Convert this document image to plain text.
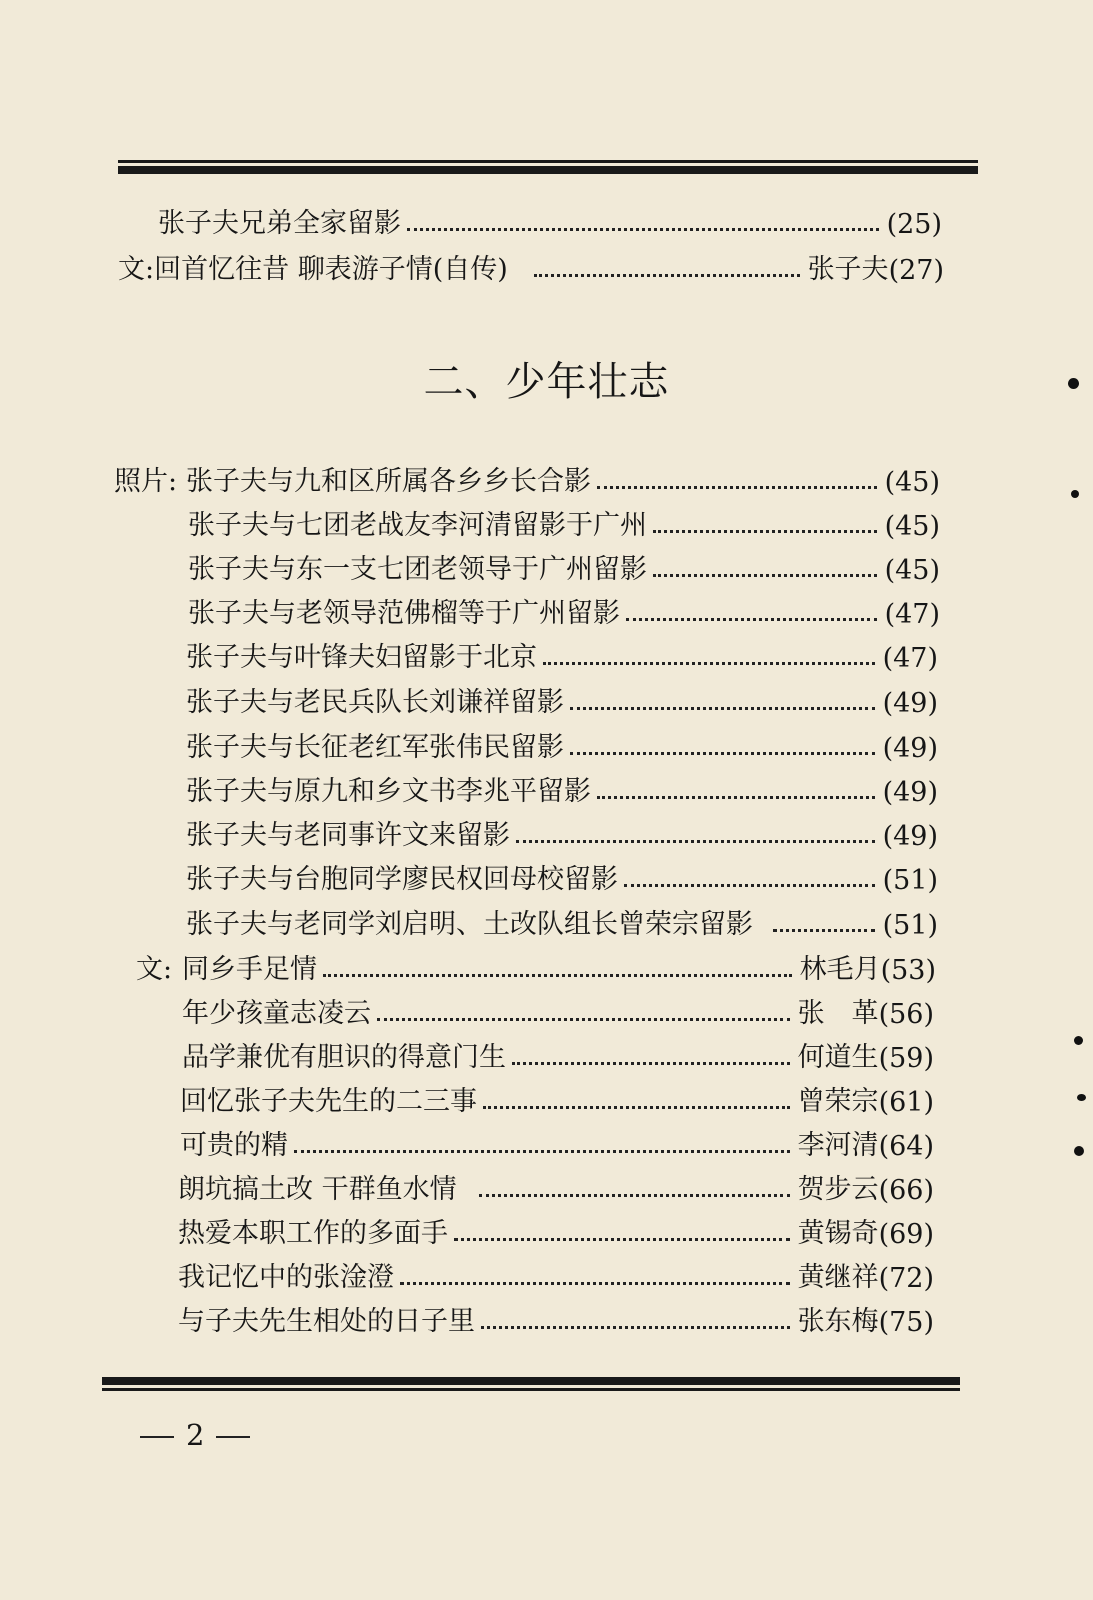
张子夫兄弟全家留影	(25)
文: 回首忆往昔 聊表游子情(自传)	张子夫 (27)
二、少年壮志
照片: 张子夫与九和区所属各乡乡长合影	(45)
张子夫与七团老战友李河清留影于广州	(45)
张子夫与东一支七团老领导于广州留影	(45)
张子夫与老领导范佛榴等于广州留影	(47)
张子夫与叶锋夫妇留影于北京	(47)
张子夫与老民兵队长刘谦祥留影	(49)
张子夫与长征老红军张伟民留影	(49)
张子夫与原九和乡文书李兆平留影	(49)
张子夫与老同事许文来留影	(49)
张子夫与台胞同学廖民权回母校留影	(51)
张子夫与老同学刘启明、土改队组长曾荣宗留影	(51)
文: 同乡手足情	林毛月 (53)
年少孩童志凌云	张　革 (56)
品学兼优有胆识的得意门生	何道生 (59)
回忆张子夫先生的二三事	曾荣宗 (61)
可贵的精	李河清 (64)
朗坑搞土改 干群鱼水情	贺步云 (66)
热爱本职工作的多面手	黄锡奇 (69)
我记忆中的张淦澄	黄继祥 (72)
与子夫先生相处的日子里	张东梅 (75)
2
